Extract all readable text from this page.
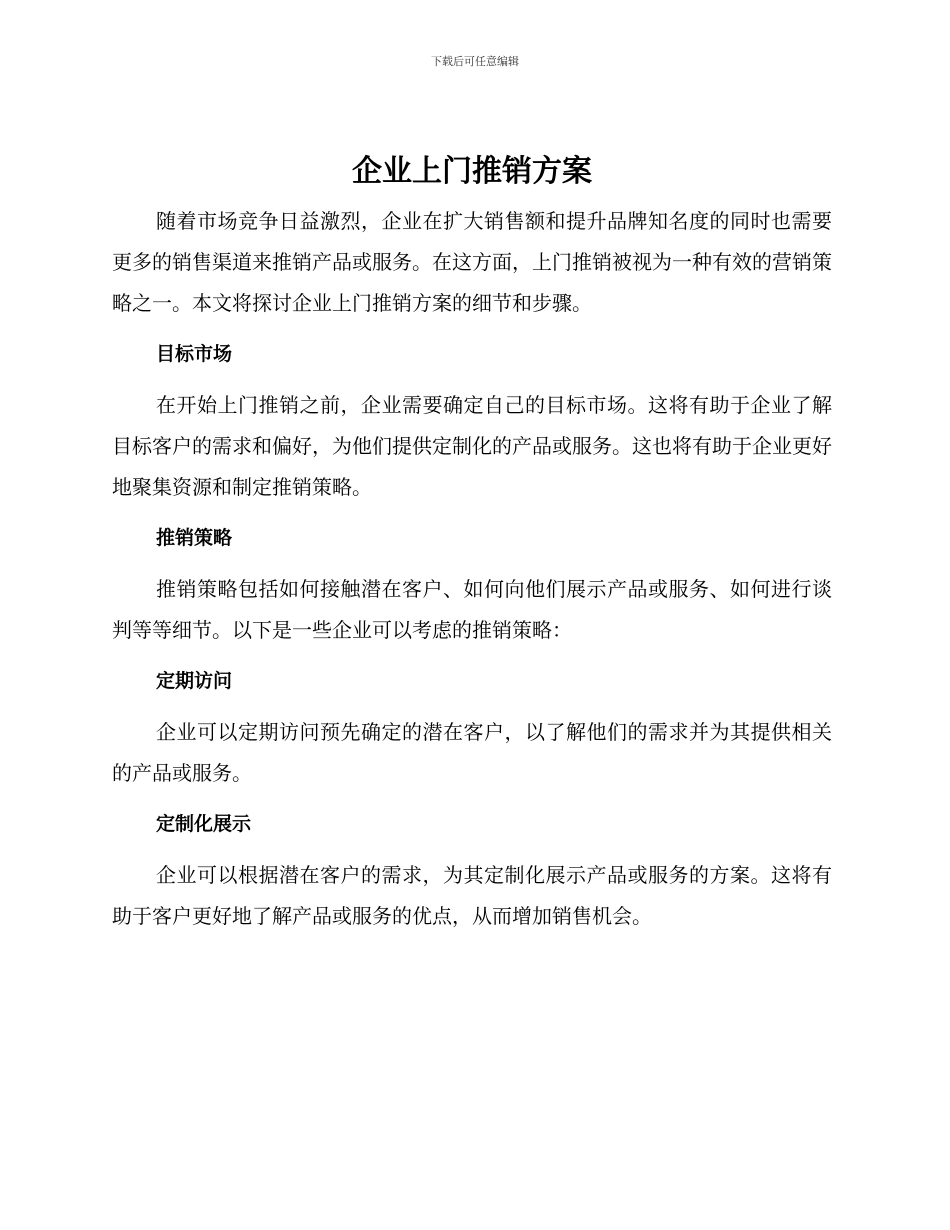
下载后可任意编辑
企业上门推销方案

随着市场竞争日益激烈，企业在扩大销售额和提升品牌知名度的同时也需要更多的销售渠道来推销产品或服务。在这方面，上门推销被视为一种有效的营销策略之一。本文将探讨企业上门推销方案的细节和步骤。

目标市场

在开始上门推销之前，企业需要确定自己的目标市场。这将有助于企业了解目标客户的需求和偏好，为他们提供定制化的产品或服务。这也将有助于企业更好地聚集资源和制定推销策略。

推销策略

推销策略包括如何接触潜在客户、如何向他们展示产品或服务、如何进行谈判等等细节。以下是一些企业可以考虑的推销策略：

定期访问

企业可以定期访问预先确定的潜在客户，以了解他们的需求并为其提供相关的产品或服务。

定制化展示

企业可以根据潜在客户的需求，为其定制化展示产品或服务的方案。这将有助于客户更好地了解产品或服务的优点，从而增加销售机会。
